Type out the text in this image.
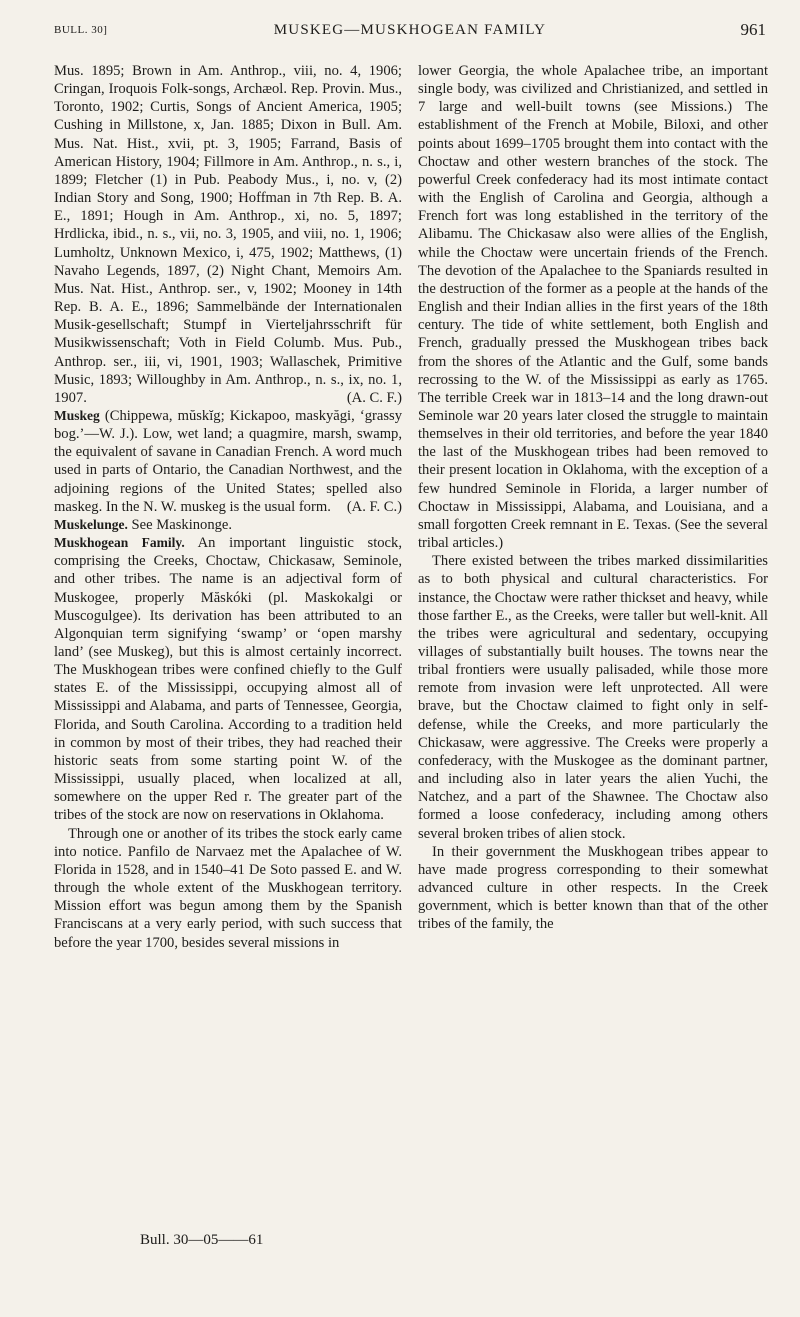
BULL. 30]	MUSKEG—MUSKHOGEAN FAMILY	961

Mus. 1895; Brown in Am. Anthrop., viii, no. 4, 1906; Cringan, Iroquois Folk-songs, Archæol. Rep. Provin. Mus., Toronto, 1902; Curtis, Songs of Ancient America, 1905; Cushing in Millstone, x, Jan. 1885; Dixon in Bull. Am. Mus. Nat. Hist., xvii, pt. 3, 1905; Farrand, Basis of American History, 1904; Fillmore in Am. Anthrop., n. s., i, 1899; Fletcher (1) in Pub. Peabody Mus., i, no. v, (2) Indian Story and Song, 1900; Hoffman in 7th Rep. B. A. E., 1891; Hough in Am. Anthrop., xi, no. 5, 1897; Hrdlicka, ibid., n. s., vii, no. 3, 1905, and viii, no. 1, 1906; Lumholtz, Unknown Mexico, i, 475, 1902; Matthews, (1) Navaho Legends, 1897, (2) Night Chant, Memoirs Am. Mus. Nat. Hist., Anthrop. ser., v, 1902; Mooney in 14th Rep. B. A. E., 1896; Sammelbände der Internationalen Musik-gesellschaft; Stumpf in Vierteljahrsschrift für Musikwissenschaft; Voth in Field Columb. Mus. Pub., Anthrop. ser., iii, vi, 1901, 1903; Wallaschek, Primitive Music, 1893; Willoughby in Am. Anthrop., n. s., ix, no. 1, 1907.	(A. C. F.)

Muskeg (Chippewa, mŭskĭg; Kickapoo, maskyăgi, ‘grassy bog.’—W. J.). Low, wet land; a quagmire, marsh, swamp, the equivalent of savane in Canadian French. A word much used in parts of Ontario, the Canadian Northwest, and the adjoining regions of the United States; spelled also maskeg. In the N. W. muskeg is the usual form. (A. F. C.)

Muskelunge. See Maskinonge.

Muskhogean Family. An important linguistic stock, comprising the Creeks, Choctaw, Chickasaw, Seminole, and other tribes. The name is an adjectival form of Muskogee, properly Măskóki (pl. Maskokalgi or Muscogulgee). Its derivation has been attributed to an Algonquian term signifying ‘swamp’ or ‘open marshy land’ (see Muskeg), but this is almost certainly incorrect. The Muskhogean tribes were confined chiefly to the Gulf states E. of the Mississippi, occupying almost all of Mississippi and Alabama, and parts of Tennessee, Georgia, Florida, and South Carolina. According to a tradition held in common by most of their tribes, they had reached their historic seats from some starting point W. of the Mississippi, usually placed, when localized at all, somewhere on the upper Red r. The greater part of the tribes of the stock are now on reservations in Oklahoma.

Through one or another of its tribes the stock early came into notice. Panfilo de Narvaez met the Apalachee of W. Florida in 1528, and in 1540–41 De Soto passed E. and W. through the whole extent of the Muskhogean territory. Mission effort was begun among them by the Spanish Franciscans at a very early period, with such success that before the year 1700, besides several missions in

lower Georgia, the whole Apalachee tribe, an important single body, was civilized and Christianized, and settled in 7 large and well-built towns (see Missions.) The establishment of the French at Mobile, Biloxi, and other points about 1699–1705 brought them into contact with the Choctaw and other western branches of the stock. The powerful Creek confederacy had its most intimate contact with the English of Carolina and Georgia, although a French fort was long established in the territory of the Alibamu. The Chickasaw also were allies of the English, while the Choctaw were uncertain friends of the French. The devotion of the Apalachee to the Spaniards resulted in the destruction of the former as a people at the hands of the English and their Indian allies in the first years of the 18th century. The tide of white settlement, both English and French, gradually pressed the Muskhogean tribes back from the shores of the Atlantic and the Gulf, some bands recrossing to the W. of the Mississippi as early as 1765. The terrible Creek war in 1813–14 and the long drawn-out Seminole war 20 years later closed the struggle to maintain themselves in their old territories, and before the year 1840 the last of the Muskhogean tribes had been removed to their present location in Oklahoma, with the exception of a few hundred Seminole in Florida, a larger number of Choctaw in Mississippi, Alabama, and Louisiana, and a small forgotten Creek remnant in E. Texas. (See the several tribal articles.)

There existed between the tribes marked dissimilarities as to both physical and cultural characteristics. For instance, the Choctaw were rather thickset and heavy, while those farther E., as the Creeks, were taller but well-knit. All the tribes were agricultural and sedentary, occupying villages of substantially built houses. The towns near the tribal frontiers were usually palisaded, while those more remote from invasion were left unprotected. All were brave, but the Choctaw claimed to fight only in self-defense, while the Creeks, and more particularly the Chickasaw, were aggressive. The Creeks were properly a confederacy, with the Muskogee as the dominant partner, and including also in later years the alien Yuchi, the Natchez, and a part of the Shawnee. The Choctaw also formed a loose confederacy, including among others several broken tribes of alien stock.

In their government the Muskhogean tribes appear to have made progress corresponding to their somewhat advanced culture in other respects. In the Creek government, which is better known than that of the other tribes of the family, the

Bull. 30—05——61
